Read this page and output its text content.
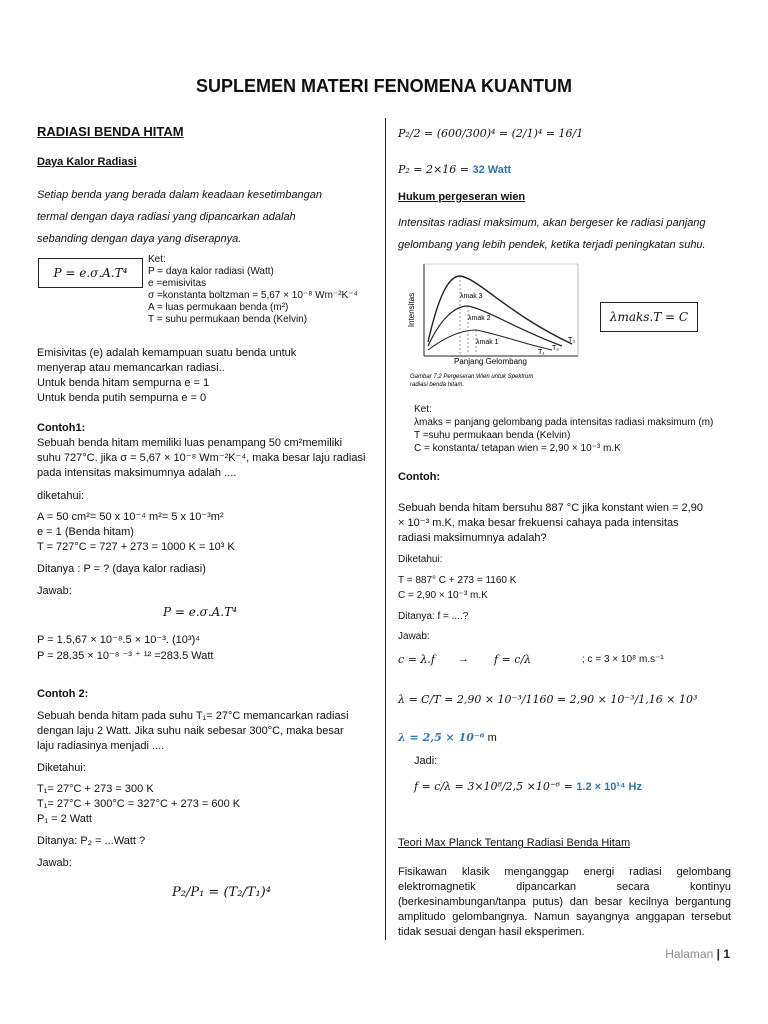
SUPLEMEN MATERI FENOMENA KUANTUM
RADIASI BENDA HITAM
Daya Kalor Radiasi
Setiap benda yang berada dalam keadaan kesetimbangan
termal dengan daya radiasi yang dipancarkan adalah
sebanding dengan daya yang diserapnya.
P = e.σ.A.T⁴
Ket:
P = daya kalor radiasi (Watt)
e =emisivitas
σ =konstanta boltzman = 5,67 × 10⁻⁸ Wm⁻²K⁻⁴
A = luas permukaan benda (m²)
T = suhu permukaan benda (Kelvin)
Emisivitas (e) adalah kemampuan suatu benda untuk
menyerap atau memancarkan radiasi..
Untuk benda hitam sempurna e = 1
Untuk benda putih sempurna e = 0
Contoh1:
Sebuah benda hitam memiliki luas penampang 50 cm²memiliki
suhu 727°C. jika σ = 5,67 × 10⁻⁸ Wm⁻²K⁻⁴, maka besar laju radiasi
pada intensitas maksimumnya adalah ....
diketahui:
A = 50 cm²= 50 x 10⁻⁴ m²= 5 x 10⁻³m²
e = 1 (Benda hitam)
T = 727°C = 727 + 273 = 1000 K = 10³ K
Ditanya : P = ? (daya kalor radiasi)
Jawab:
P = e.σ.A.T⁴
P = 1.5,67 × 10⁻⁸.5 × 10⁻³. (10³)⁴
P = 28.35 × 10⁻⁸ ⁻³ ⁺ ¹² =283.5 Watt
Contoh 2:
Sebuah benda hitam pada suhu T₁= 27°C memancarkan radiasi
dengan laju 2 Watt. Jika suhu naik sebesar 300°C, maka besar
laju radiasinya menjadi ....
Diketahui:
T₁= 27°C + 273 = 300 K
T₁= 27°C + 300°C = 327°C + 273 = 600 K
P₁ = 2 Watt
Ditanya: P₂ = ...Watt ?
Jawab:
P₂/P₁ = (T₂/T₁)⁴
P₂/2 = (600/300)⁴ = (2/1)⁴ = 16/1
P₂ = 2×16 = 32 Watt
Hukum pergeseran wien
Intensitas radiasi maksimum, akan bergeser ke radiasi panjang
gelombang yang lebih pendek, ketika terjadi peningkatan suhu.
Intensitas
Panjang Gelombang
λmak 3
λmak 2
λmak 1	T₃
T₂
T₁
Gambar 7.2 Pergeseran Wien untuk Spektrum
radiasi benda hitam.
λmaks.T = C
Ket:
λmaks = panjang gelombang pada intensitas radiasi maksimum (m)
T =suhu permukaan benda (Kelvin)
C = konstanta/ tetapan wien = 2,90 × 10⁻³ m.K
Contoh:
Sebuah benda hitam bersuhu 887 °C jika konstant wien = 2,90
× 10⁻³ m.K, maka besar frekuensi cahaya pada intensitas
radiasi maksimumnya adalah?
Diketahui:
T = 887° C + 273 = 1160 K
C = 2,90 × 10⁻³ m.K
Ditanya: f = ....?
Jawab:
c = λ.f → f = c/λ	; c = 3 × 10⁸ m.s⁻¹
λ = C/T = 2,90 × 10⁻³/1160 = 2,90 × 10⁻³/1,16 × 10³
λ = 2,5 × 10⁻⁶ m
Jadi:
f = c/λ = 3×10⁸/2,5 ×10⁻⁶ = 1.2 × 10¹⁴ Hz
Teori Max Planck Tentang Radiasi Benda Hitam
Fisikawan klasik menganggap energi radiasi gelombang elektromagnetik dipancarkan secara kontinyu (berkesinambungan/tanpa putus) dan besar kecilnya bergantung amplitudo gelombangnya. Namun sayangnya anggapan tersebut tidak sesuai dengan hasil eksperimen.
Halaman | 1
